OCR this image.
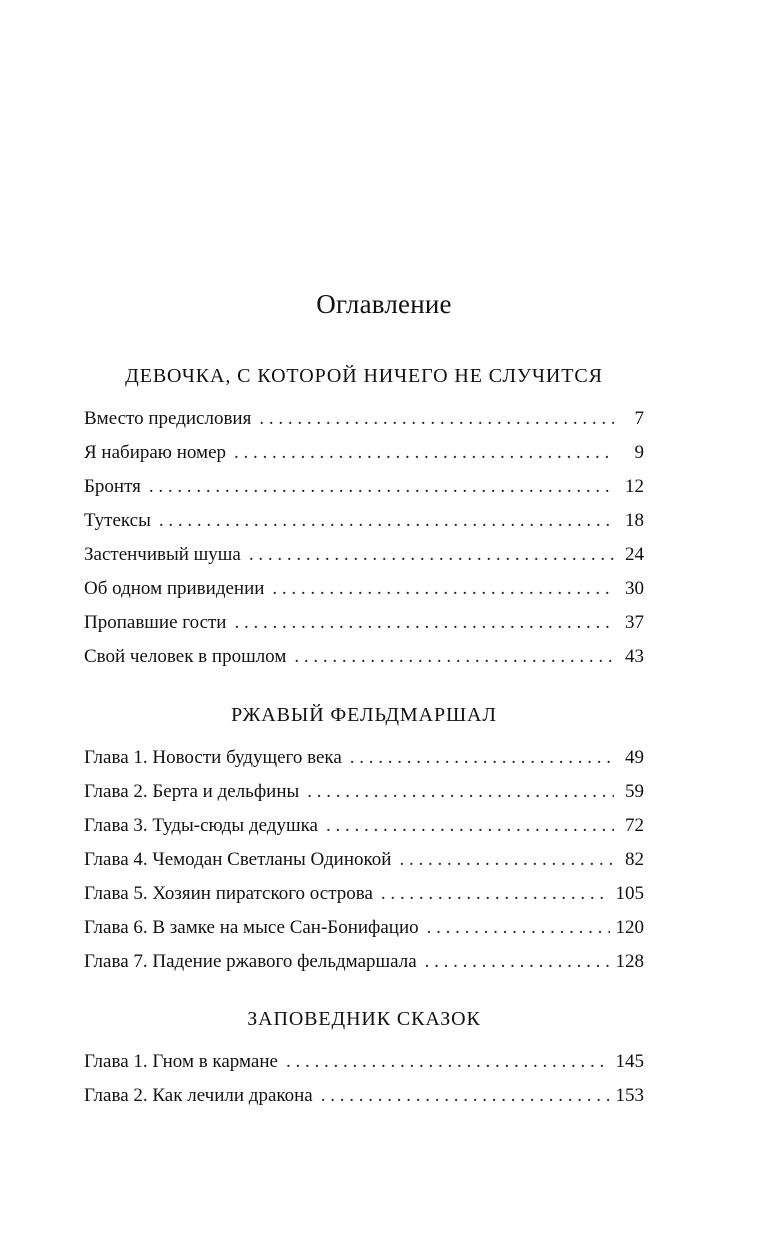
Оглавление
ДЕВОЧКА, С КОТОРОЙ НИЧЕГО НЕ СЛУЧИТСЯ
Вместо предисловия . . .	7
Я набираю номер . . .	9
Бронтя . . .	12
Тутексы . . .	18
Застенчивый шуша . . .	24
Об одном привидении . . .	30
Пропавшие гости . . .	37
Свой человек в прошлом . . .	43
РЖАВЫЙ ФЕЛЬДМАРШАЛ
Глава 1. Новости будущего века . . .	49
Глава 2. Берта и дельфины . . .	59
Глава 3. Туды-сюды дедушка . . .	72
Глава 4. Чемодан Светланы Одинокой . . .	82
Глава 5. Хозяин пиратского острова . . .	105
Глава 6. В замке на мысе Сан-Бонифацио . . .	120
Глава 7. Падение ржавого фельдмаршала . . .	128
ЗАПОВЕДНИК СКАЗОК
Глава 1. Гном в кармане . . .	145
Глава 2. Как лечили дракона . . .	153
